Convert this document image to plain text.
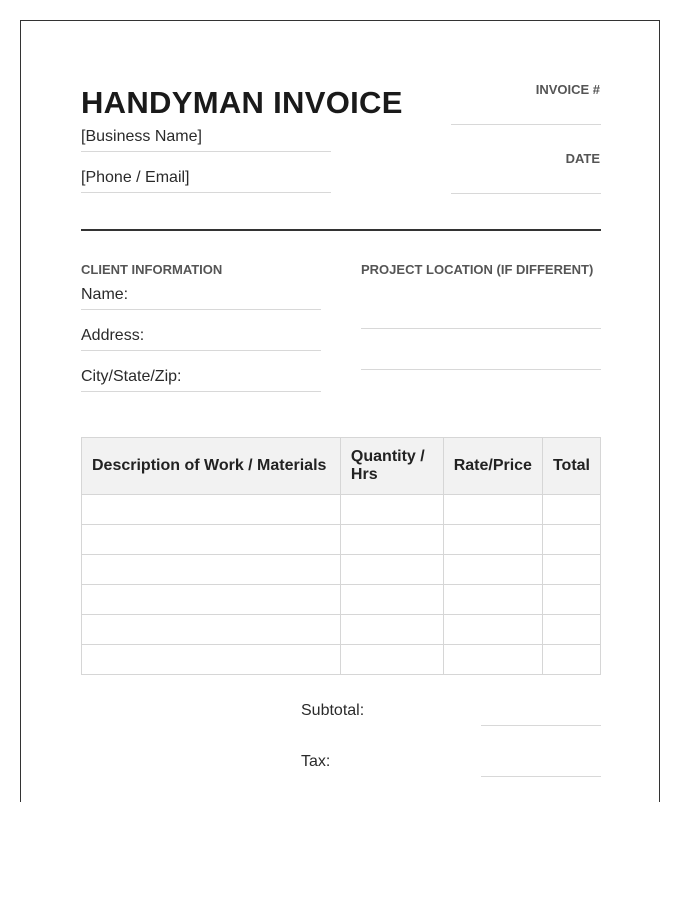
HANDYMAN INVOICE
[Business Name]
[Phone / Email]
INVOICE #
DATE
CLIENT INFORMATION
Name:
Address:
City/State/Zip:
PROJECT LOCATION (IF DIFFERENT)
Description of Work / Materials	Quantity / Hrs	Rate/Price	Total

Subtotal:
Tax:
